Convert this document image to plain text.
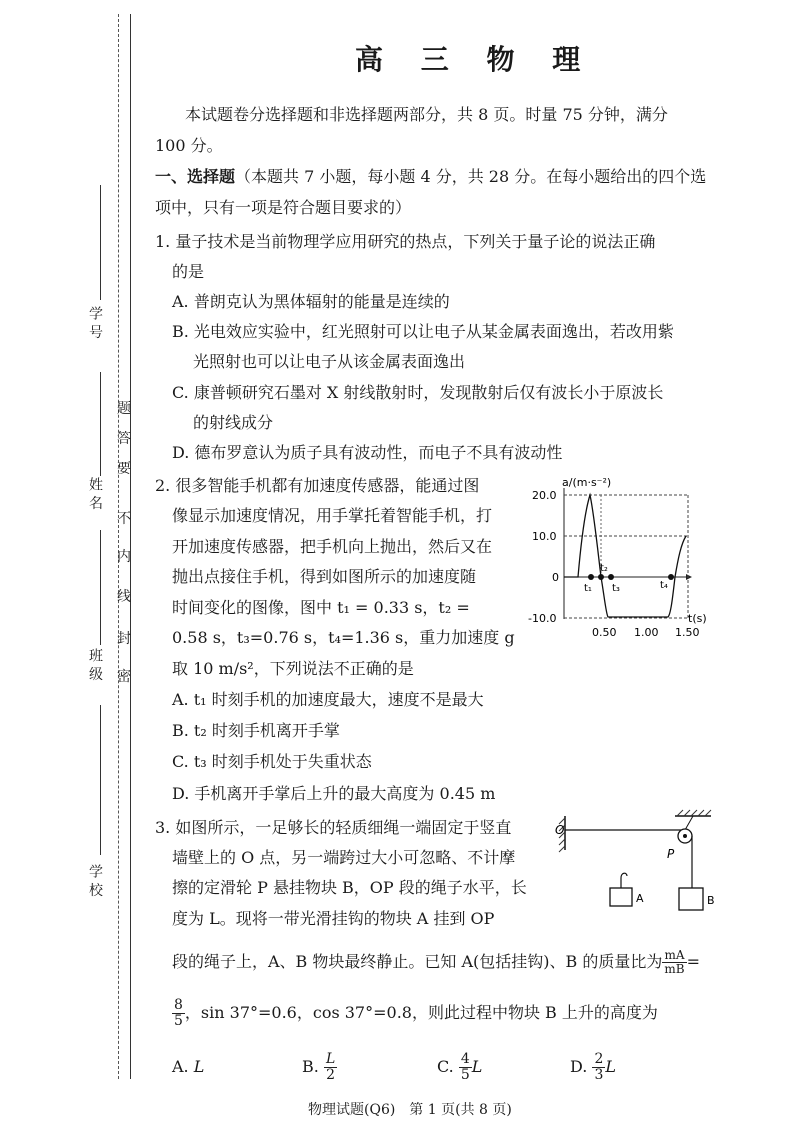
学 号
姓 名
班 级
学 校
题
答
要
不
内
线
封
密
高 三 物 理
本试题卷分选择题和非选择题两部分，共 8 页。时量 75 分钟，满分
100 分。
一、选择题（本题共 7 小题，每小题 4 分，共 28 分。在每小题给出的四个选
项中，只有一项是符合题目要求的）
1. 量子技术是当前物理学应用研究的热点，下列关于量子论的说法正确
的是
A. 普朗克认为黑体辐射的能量是连续的
B. 光电效应实验中，红光照射可以让电子从某金属表面逸出，若改用紫
光照射也可以让电子从该金属表面逸出
C. 康普顿研究石墨对 X 射线散射时，发现散射后仅有波长小于原波长
的射线成分
D. 德布罗意认为质子具有波动性，而电子不具有波动性
2. 很多智能手机都有加速度传感器，能通过图
像显示加速度情况，用手掌托着智能手机，打
开加速度传感器，把手机向上抛出，然后又在
抛出点接住手机，得到如图所示的加速度随
时间变化的图像，图中 t₁ = 0.33 s，t₂ =
0.58 s，t₃=0.76 s，t₄=1.36 s，重力加速度 g
取 10 m/s²，下列说法不正确的是
A. t₁ 时刻手机的加速度最大，速度不是最大
B. t₂ 时刻手机离开手掌
C. t₃ 时刻手机处于失重状态
D. 手机离开手掌后上升的最大高度为 0.45 m
a/(m·s⁻²)
20.0
10.0
0
-10.0
0.50 1.00 1.50
t(s)
t₁
t₂
t₃	t₄
3. 如图所示，一足够长的轻质细绳一端固定于竖直
墙壁上的 O 点，另一端跨过大小可忽略、不计摩
擦的定滑轮 P 悬挂物块 B，OP 段的绳子水平，长
度为 L。现将一带光滑挂钩的物块 A 挂到 OP
O
P
B
A
段的绳子上，A、B 物块最终静止。已知 A(包括挂钩)、B 的质量比为 $\frac{mA}{mB}$ =
$\frac{8}{5}$ ，sin 37°=0.6，cos 37°=0.8，则此过程中物块 B 上升的高度为
A. L	B. $\frac{L}{2}$	C. $\frac{4}{5}$ L	D. $\frac{2}{3}$ L
物理试题(Q6)　第 1 页(共 8 页)
